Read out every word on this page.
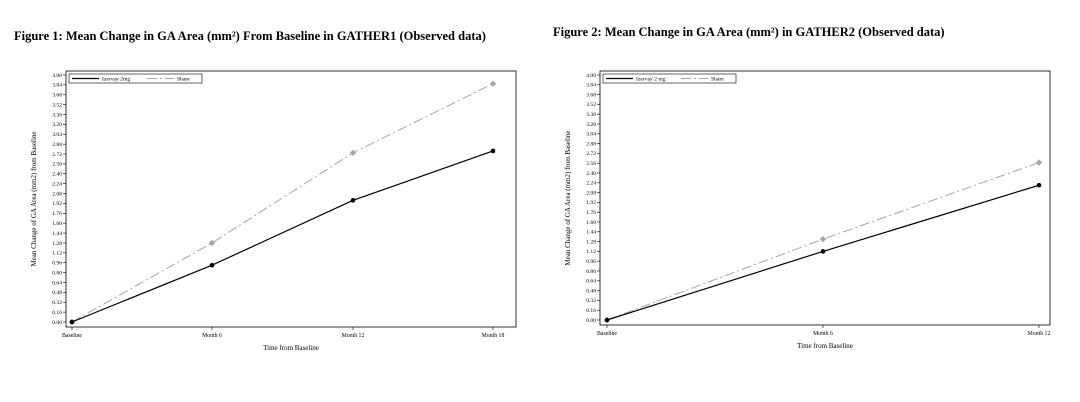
Figure 1: Mean Change in GA Area (mm²) From Baseline in GATHER1 (Observed data)	Figure 2: Mean Change in GA Area (mm²) in GATHER2 (Observed data)
0.00
0.16
0.32
0.48
0.64
0.80
0.96
1.12
1.28
1.44
1.60
1.76
1.92
2.08
2.24
2.40
2.56
2.72
2.88
3.04
3.20
3.36
3.52
3.68
3.84
4.00
Baseline	Month 6	Month 12	Month 18
Time from Baseline
Mean Change of GA Area (mm2) from Baseline
Izervay 2mg	Sham
0.00
0.16
0.32
0.48
0.64
0.80
0.96
1.12
1.28
1.44
1.60
1.76
1.92
2.08
2.24
2.40
2.56
2.72
2.88
3.04
3.20
3.36
3.52
3.68
3.84
4.00
Baseline	Month 6	Month 12
Time from Baseline
Mean Change of GA Area (mm2) from Baseline
Izervay 2 mg	Sham
